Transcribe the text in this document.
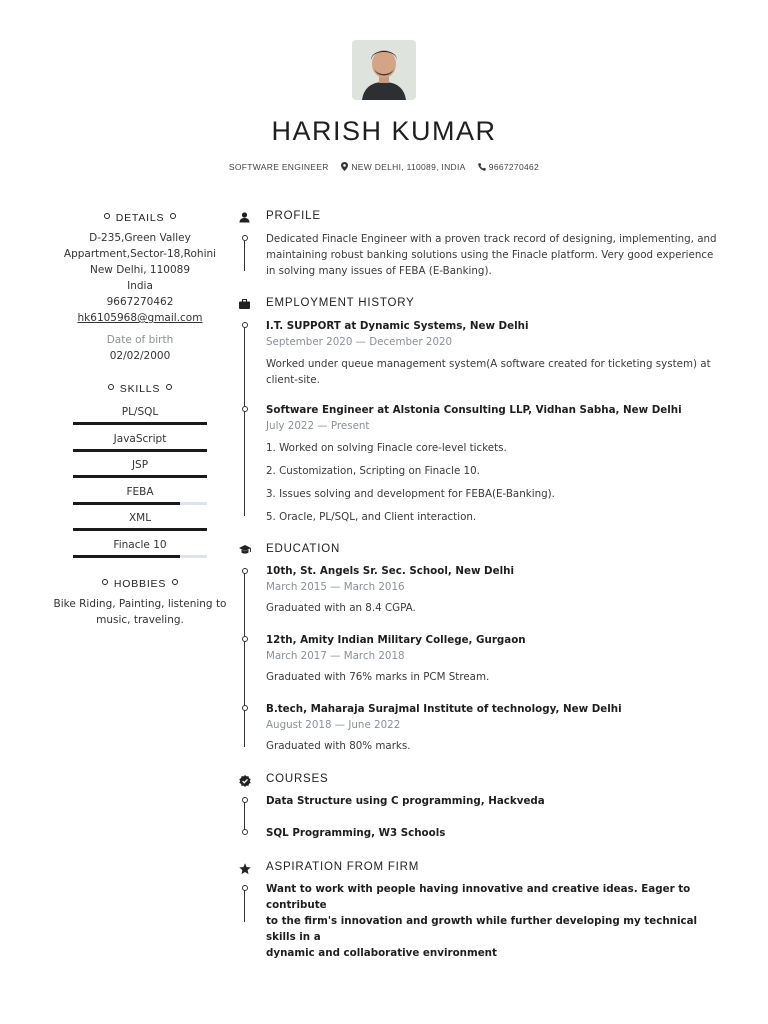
HARISH KUMAR
SOFTWARE ENGINEER	NEW DELHI, 110089, INDIA	9667270462
DETAILS
D-235,Green Valley
Appartment,Sector-18,Rohini
New Delhi, 110089
India
9667270462
hk6105968@gmail.com
Date of birth
02/02/2000
SKILLS
PL/SQL
JavaScript
JSP
FEBA
XML
Finacle 10
HOBBIES
Bike Riding, Painting, listening to
music, traveling.
PROFILE
Dedicated Finacle Engineer with a proven track record of designing, implementing, and
maintaining robust banking solutions using the Finacle platform. Very good experience
in solving many issues of FEBA (E-Banking).
EMPLOYMENT HISTORY
I.T. SUPPORT at Dynamic Systems, New Delhi
September 2020 — December 2020
Worked under queue management system(A software created for ticketing system) at
client-site.
Software Engineer at Alstonia Consulting LLP, Vidhan Sabha, New Delhi
July 2022 — Present
1. Worked on solving Finacle core-level tickets.
2. Customization, Scripting on Finacle 10.
3. Issues solving and development for FEBA(E-Banking).
5. Oracle, PL/SQL, and Client interaction.
EDUCATION
10th, St. Angels Sr. Sec. School, New Delhi
March 2015 — March 2016
Graduated with an 8.4 CGPA.
12th, Amity Indian Military College, Gurgaon
March 2017 — March 2018
Graduated with 76% marks in PCM Stream.
B.tech, Maharaja Surajmal Institute of technology, New Delhi
August 2018 — June 2022
Graduated with 80% marks.
COURSES
Data Structure using C programming, Hackveda
SQL Programming, W3 Schools
ASPIRATION FROM FIRM
Want to work with people having innovative and creative ideas. Eager to contribute
to the firm's innovation and growth while further developing my technical skills in a
dynamic and collaborative environment
